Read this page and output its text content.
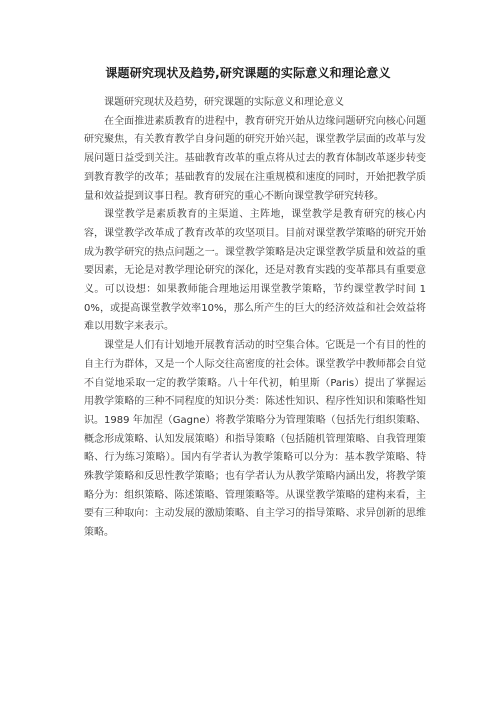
课题研究现状及趋势,研究课题的实际意义和理论意义

课题研究现状及趋势，研究课题的实际意义和理论意义

在全面推进素质教育的进程中，教育研究开始从边缘问题研究向核心问题研究聚焦，有关教育教学自身问题的研究开始兴起，课堂教学层面的改革与发展问题日益受到关注。基础教育改革的重点将从过去的教育体制改革逐步转变到教育教学的改革；基础教育的发展在注重规模和速度的同时，开始把教学质量和效益提到议事日程。教育研究的重心不断向课堂教学研究转移。

课堂教学是素质教育的主渠道、主阵地，课堂教学是教育研究的核心内容，课堂教学改革成了教育改革的攻坚项目。目前对课堂教学策略的研究开始成为教学研究的热点问题之一。课堂教学策略是决定课堂教学质量和效益的重要因素，无论是对教学理论研究的深化，还是对教育实践的变革都具有重要意义。可以设想：如果教师能合理地运用课堂教学策略，节约课堂教学时间 10%，或提高课堂教学效率10%，那么所产生的巨大的经济效益和社会效益将难以用数字来表示。

课堂是人们有计划地开展教育活动的时空集合体。它既是一个有目的性的自主行为群体，又是一个人际交往高密度的社会体。课堂教学中教师都会自觉不自觉地采取一定的教学策略。八十年代初，帕里斯（Paris）提出了掌握运用教学策略的三种不同程度的知识分类：陈述性知识、程序性知识和策略性知识。1989 年加涅（Gagne）将教学策略分为管理策略（包括先行组织策略、概念形成策略、认知发展策略）和指导策略（包括随机管理策略、自我管理策略、行为练习策略）。国内有学者认为教学策略可以分为：基本教学策略、特殊教学策略和反思性教学策略；也有学者认为从教学策略内涵出发，将教学策略分为：组织策略、陈述策略、管理策略等。从课堂教学策略的建构来看，主要有三种取向：主动发展的激励策略、自主学习的指导策略、求异创新的思维策略。
